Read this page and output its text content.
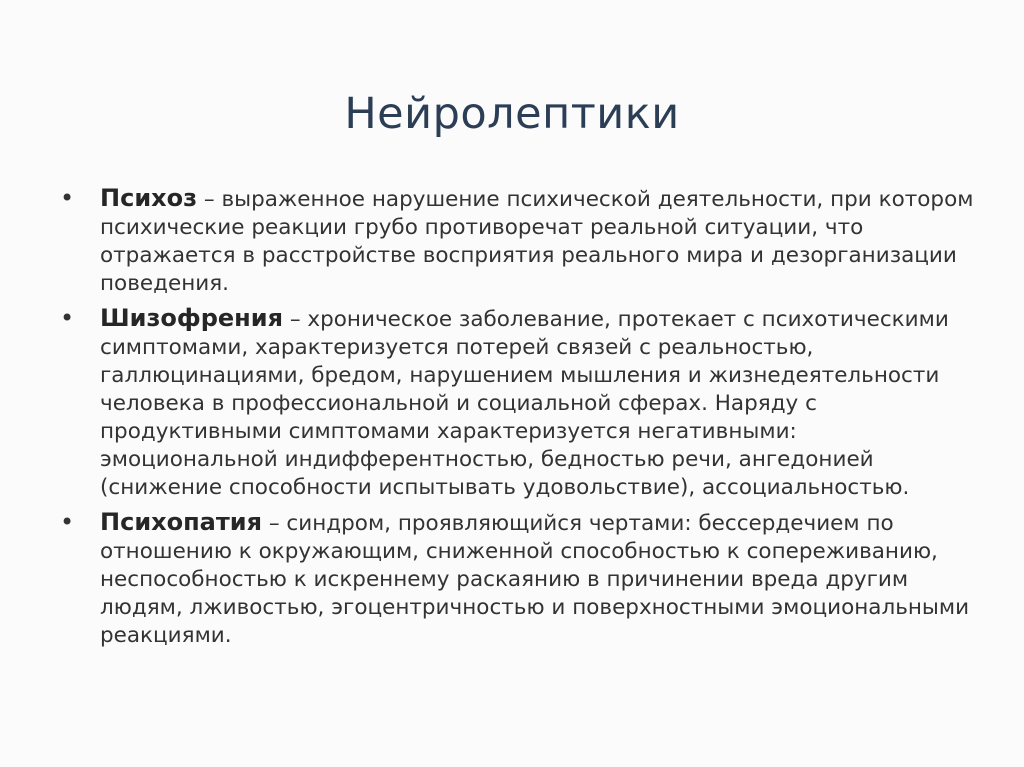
Нейролептики
• Психоз – выраженное нарушение психической деятельности, при котором психические реакции грубо противоречат реальной ситуации, что отражается в расстройстве восприятия реального мира и дезорганизации поведения.
• Шизофрения – хроническое заболевание, протекает с психотическими симптомами, характеризуется потерей связей с реальностью, галлюцинациями, бредом, нарушением мышления и жизнедеятельности человека в профессиональной и социальной сферах. Наряду с продуктивными симптомами характеризуется негативными: эмоциональной индифферентностью, бедностью речи, ангедонией (снижение способности испытывать удовольствие), ассоциальностью.
• Психопатия – синдром, проявляющийся чертами: бессердечием по отношению к окружающим, сниженной способностью к сопереживанию, неспособностью к искреннему раскаянию в причинении вреда другим людям, лживостью, эгоцентричностью и поверхностными эмоциональными реакциями.
